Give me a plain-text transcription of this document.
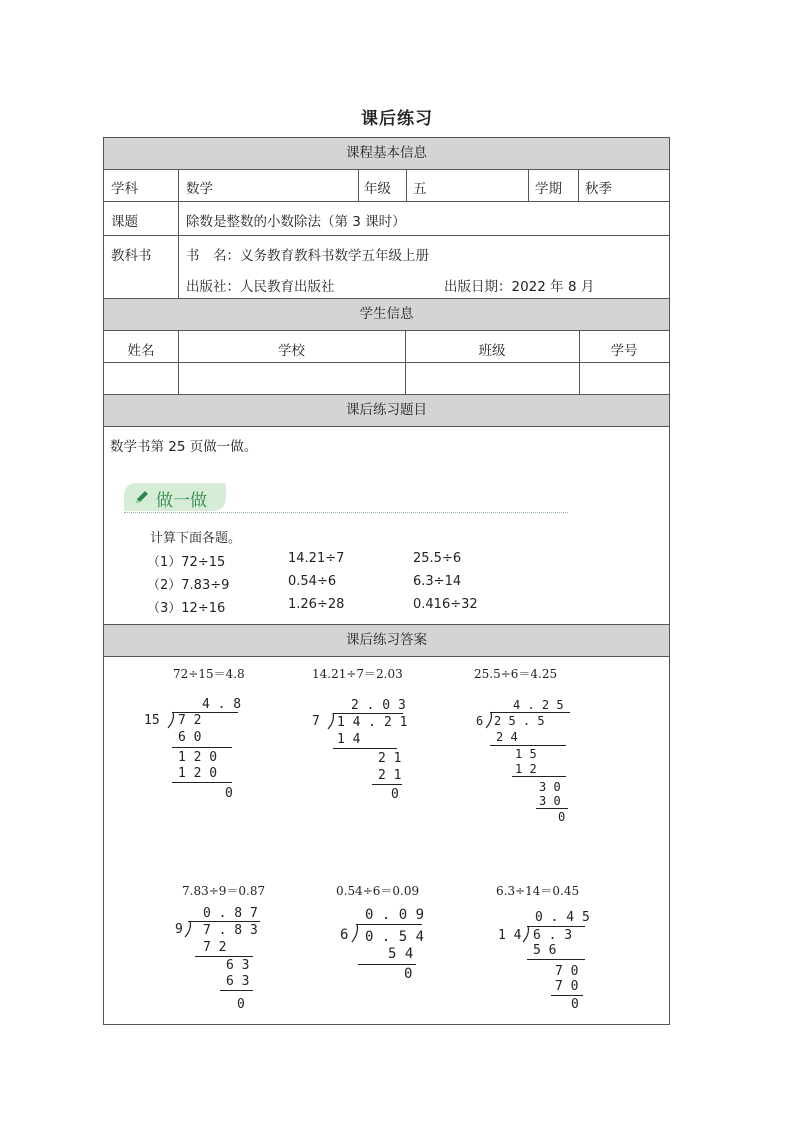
课后练习
课程基本信息
学科	数学	年级 五	学期 秋季
课题	除数是整数的小数除法（第 3 课时）
教科书	书　名：义务教育教科书数学五年级上册
出版社：人民教育出版社	出版日期：2022 年 8 月
学生信息
姓名	学校	班级	学号
课后练习题目
数学书第 25 页做一做。
做一做
计算下面各题。
（1）72÷15	14.21÷7	25.5÷6
（2）7.83÷9	0.54÷6	6.3÷14
（3）12÷16	1.26÷28	0.416÷32
课后练习答案
72÷15＝4.8	14.21÷7＝2.03	25.5÷6＝4.25
7.83÷9＝0.87	0.54÷6＝0.09	6.3÷14＝0.45
4 . 8
15 7 2
6 0
1 2 0
1 2 0
0
2 . 0 3
7 1 4 . 2 1
1 4
2 1
2 1
0
4 . 2 5
6 2 5 . 5
2 4
1 5
1 2
3 0
3 0
0
0 . 8 7
9 7 . 8 3
7 2
6 3
6 3
0
0 . 0 9
6 0 . 5 4
5 4
0
0 . 4 5
1 4 6 . 3
5 6
7 0
7 0
0
